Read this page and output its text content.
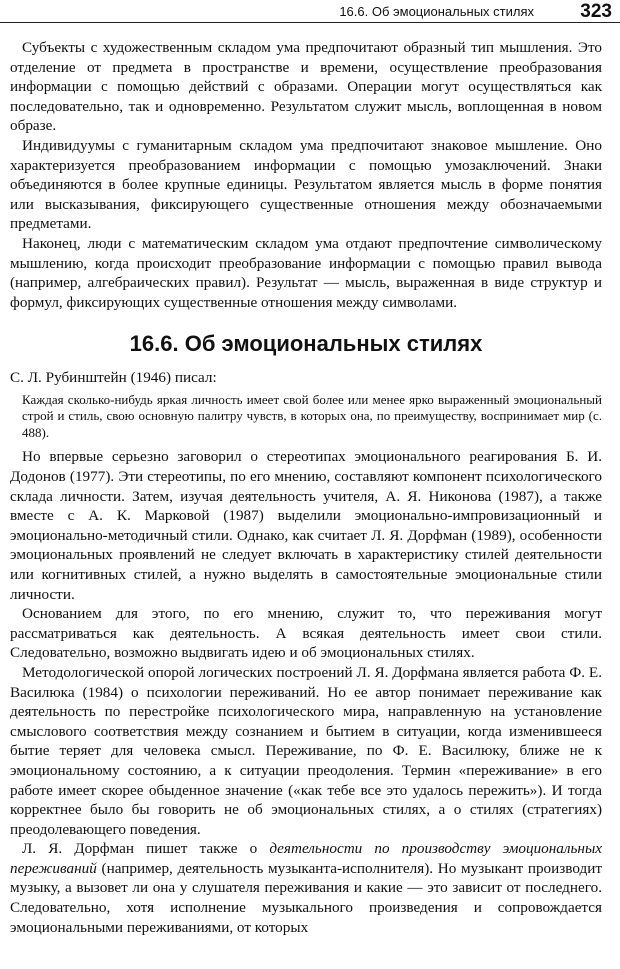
16.6. Об эмоциональных стилях 323

Субъекты с художественным складом ума предпочитают образный тип мышления. Это отделение от предмета в пространстве и времени, осуществление преобразования информации с помощью действий с образами. Операции могут осуществляться как последовательно, так и одновременно. Результатом служит мысль, воплощенная в новом образе.

Индивидуумы с гуманитарным складом ума предпочитают знаковое мышление. Оно характеризуется преобразованием информации с помощью умозаключений. Знаки объединяются в более крупные единицы. Результатом является мысль в форме понятия или высказывания, фиксирующего существенные отношения между обозначаемыми предметами.

Наконец, люди с математическим складом ума отдают предпочтение символическому мышлению, когда происходит преобразование информации с помощью правил вывода (например, алгебраических правил). Результат — мысль, выраженная в виде структур и формул, фиксирующих существенные отношения между символами.

16.6. Об эмоциональных стилях

С. Л. Рубинштейн (1946) писал:

Каждая сколько-нибудь яркая личность имеет свой более или менее ярко выраженный эмоциональный строй и стиль, свою основную палитру чувств, в которых она, по преимуществу, воспринимает мир (с. 488).

Но впервые серьезно заговорил о стереотипах эмоционального реагирования Б. И. Додонов (1977). Эти стереотипы, по его мнению, составляют компонент психологического склада личности. Затем, изучая деятельность учителя, А. Я. Никонова (1987), а также вместе с А. К. Марковой (1987) выделили эмоционально-импровизационный и эмоционально-методичный стили. Однако, как считает Л. Я. Дорфман (1989), особенности эмоциональных проявлений не следует включать в характеристику стилей деятельности или когнитивных стилей, а нужно выделять в самостоятельные эмоциональные стили личности.

Основанием для этого, по его мнению, служит то, что переживания могут рассматриваться как деятельность. А всякая деятельность имеет свои стили. Следовательно, возможно выдвигать идею и об эмоциональных стилях.

Методологической опорой логических построений Л. Я. Дорфмана является работа Ф. Е. Василюка (1984) о психологии переживаний. Но ее автор понимает переживание как деятельность по перестройке психологического мира, направленную на установление смыслового соответствия между сознанием и бытием в ситуации, когда изменившееся бытие теряет для человека смысл. Переживание, по Ф. Е. Василюку, ближе не к эмоциональному состоянию, а к ситуации преодоления. Термин «переживание» в его работе имеет скорее обыденное значение («как тебе все это удалось пережить»). И тогда корректнее было бы говорить не об эмоциональных стилях, а о стилях (стратегиях) преодолевающего поведения.

Л. Я. Дорфман пишет также о деятельности по производству эмоциональных переживаний (например, деятельность музыканта-исполнителя). Но музыкант производит музыку, а вызовет ли она у слушателя переживания и какие — это зависит от последнего. Следовательно, хотя исполнение музыкального произведения и сопровождается эмоциональными переживаниями, от которых
